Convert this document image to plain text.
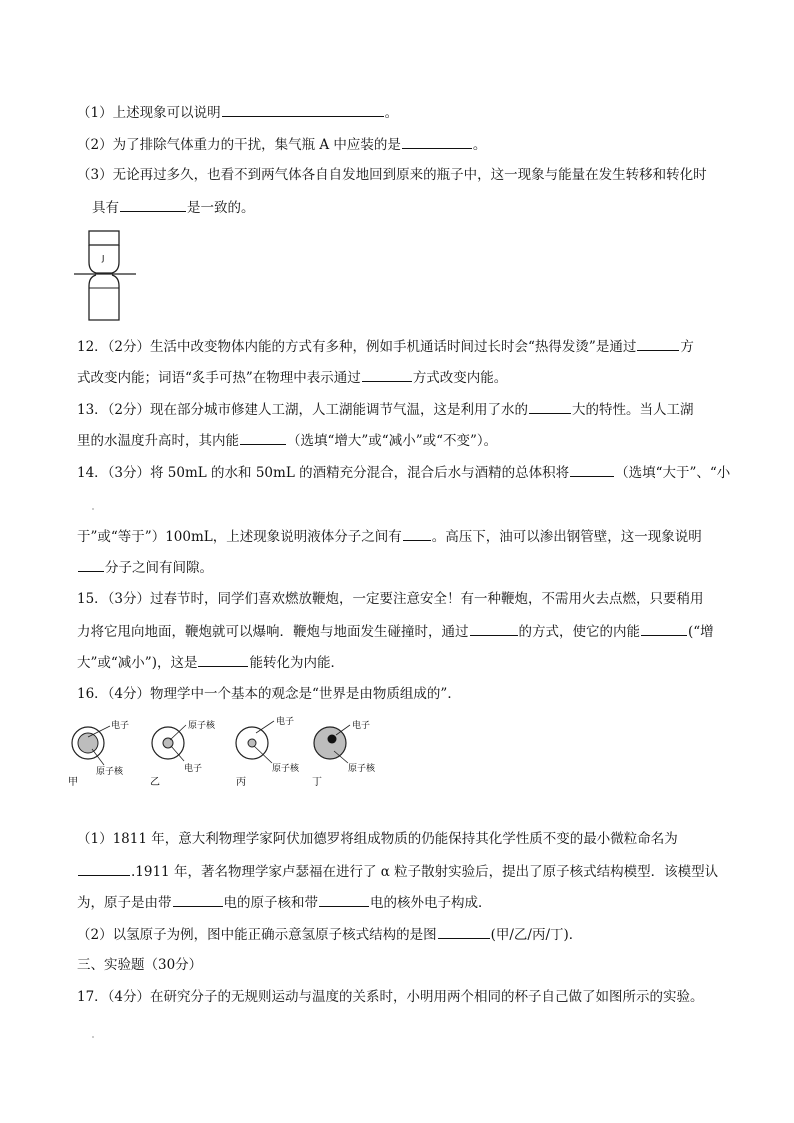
（1）上述现象可以说明	。
（2）为了排除气体重力的干扰，集气瓶 A 中应装的是	。
（3）无论再过多久，也看不到两气体各自自发地回到原来的瓶子中，这一现象与能量在发生转移和转化时
具有	是一致的。
J
12．（2分）生活中改变物体内能的方式有多种，例如手机通话时间过长时会“热得发烫”是通过	方
式改变内能；词语“炙手可热”在物理中表示通过	方式改变内能。
13．（2分）现在部分城市修建人工湖，人工湖能调节气温，这是利用了水的	大的特性。当人工湖
里的水温度升高时，其内能	（选填“增大”或“减小”或“不变”）。
14．（3分）将 50mL 的水和 50mL 的酒精充分混合，混合后水与酒精的总体积将	（选填“大于”、“小
于”或“等于”）100mL，上述现象说明液体分子之间有 。高压下，油可以渗出钢管壁，这一现象说明
分子之间有间隙。
15．（3分）过春节时，同学们喜欢燃放鞭炮，一定要注意安全！有一种鞭炮，不需用火去点燃，只要稍用
力将它甩向地面，鞭炮就可以爆响．鞭炮与地面发生碰撞时，通过	的方式，使它的内能	(“增
大”或“减小”)，这是	能转化为内能．
16．（4分）物理学中一个基本的观念是“世界是由物质组成的”．
电子
原子核
甲
原子核
电子
乙
电子
原子核
丙
电子
原子核
丁
（1）1811 年，意大利物理学家阿伏加德罗将组成物质的仍能保持其化学性质不变的最小微粒命名为
.1911 年，著名物理学家卢瑟福在进行了 α 粒子散射实验后，提出了原子核式结构模型．该模型认
为，原子是由带	电的原子核和带	电的核外电子构成．
（2）以氢原子为例，图中能正确示意氢原子核式结构的是图	(甲/乙/丙/丁)．
三、实验题（30分）
17．（4分）在研究分子的无规则运动与温度的关系时，小明用两个相同的杯子自己做了如图所示的实验。
